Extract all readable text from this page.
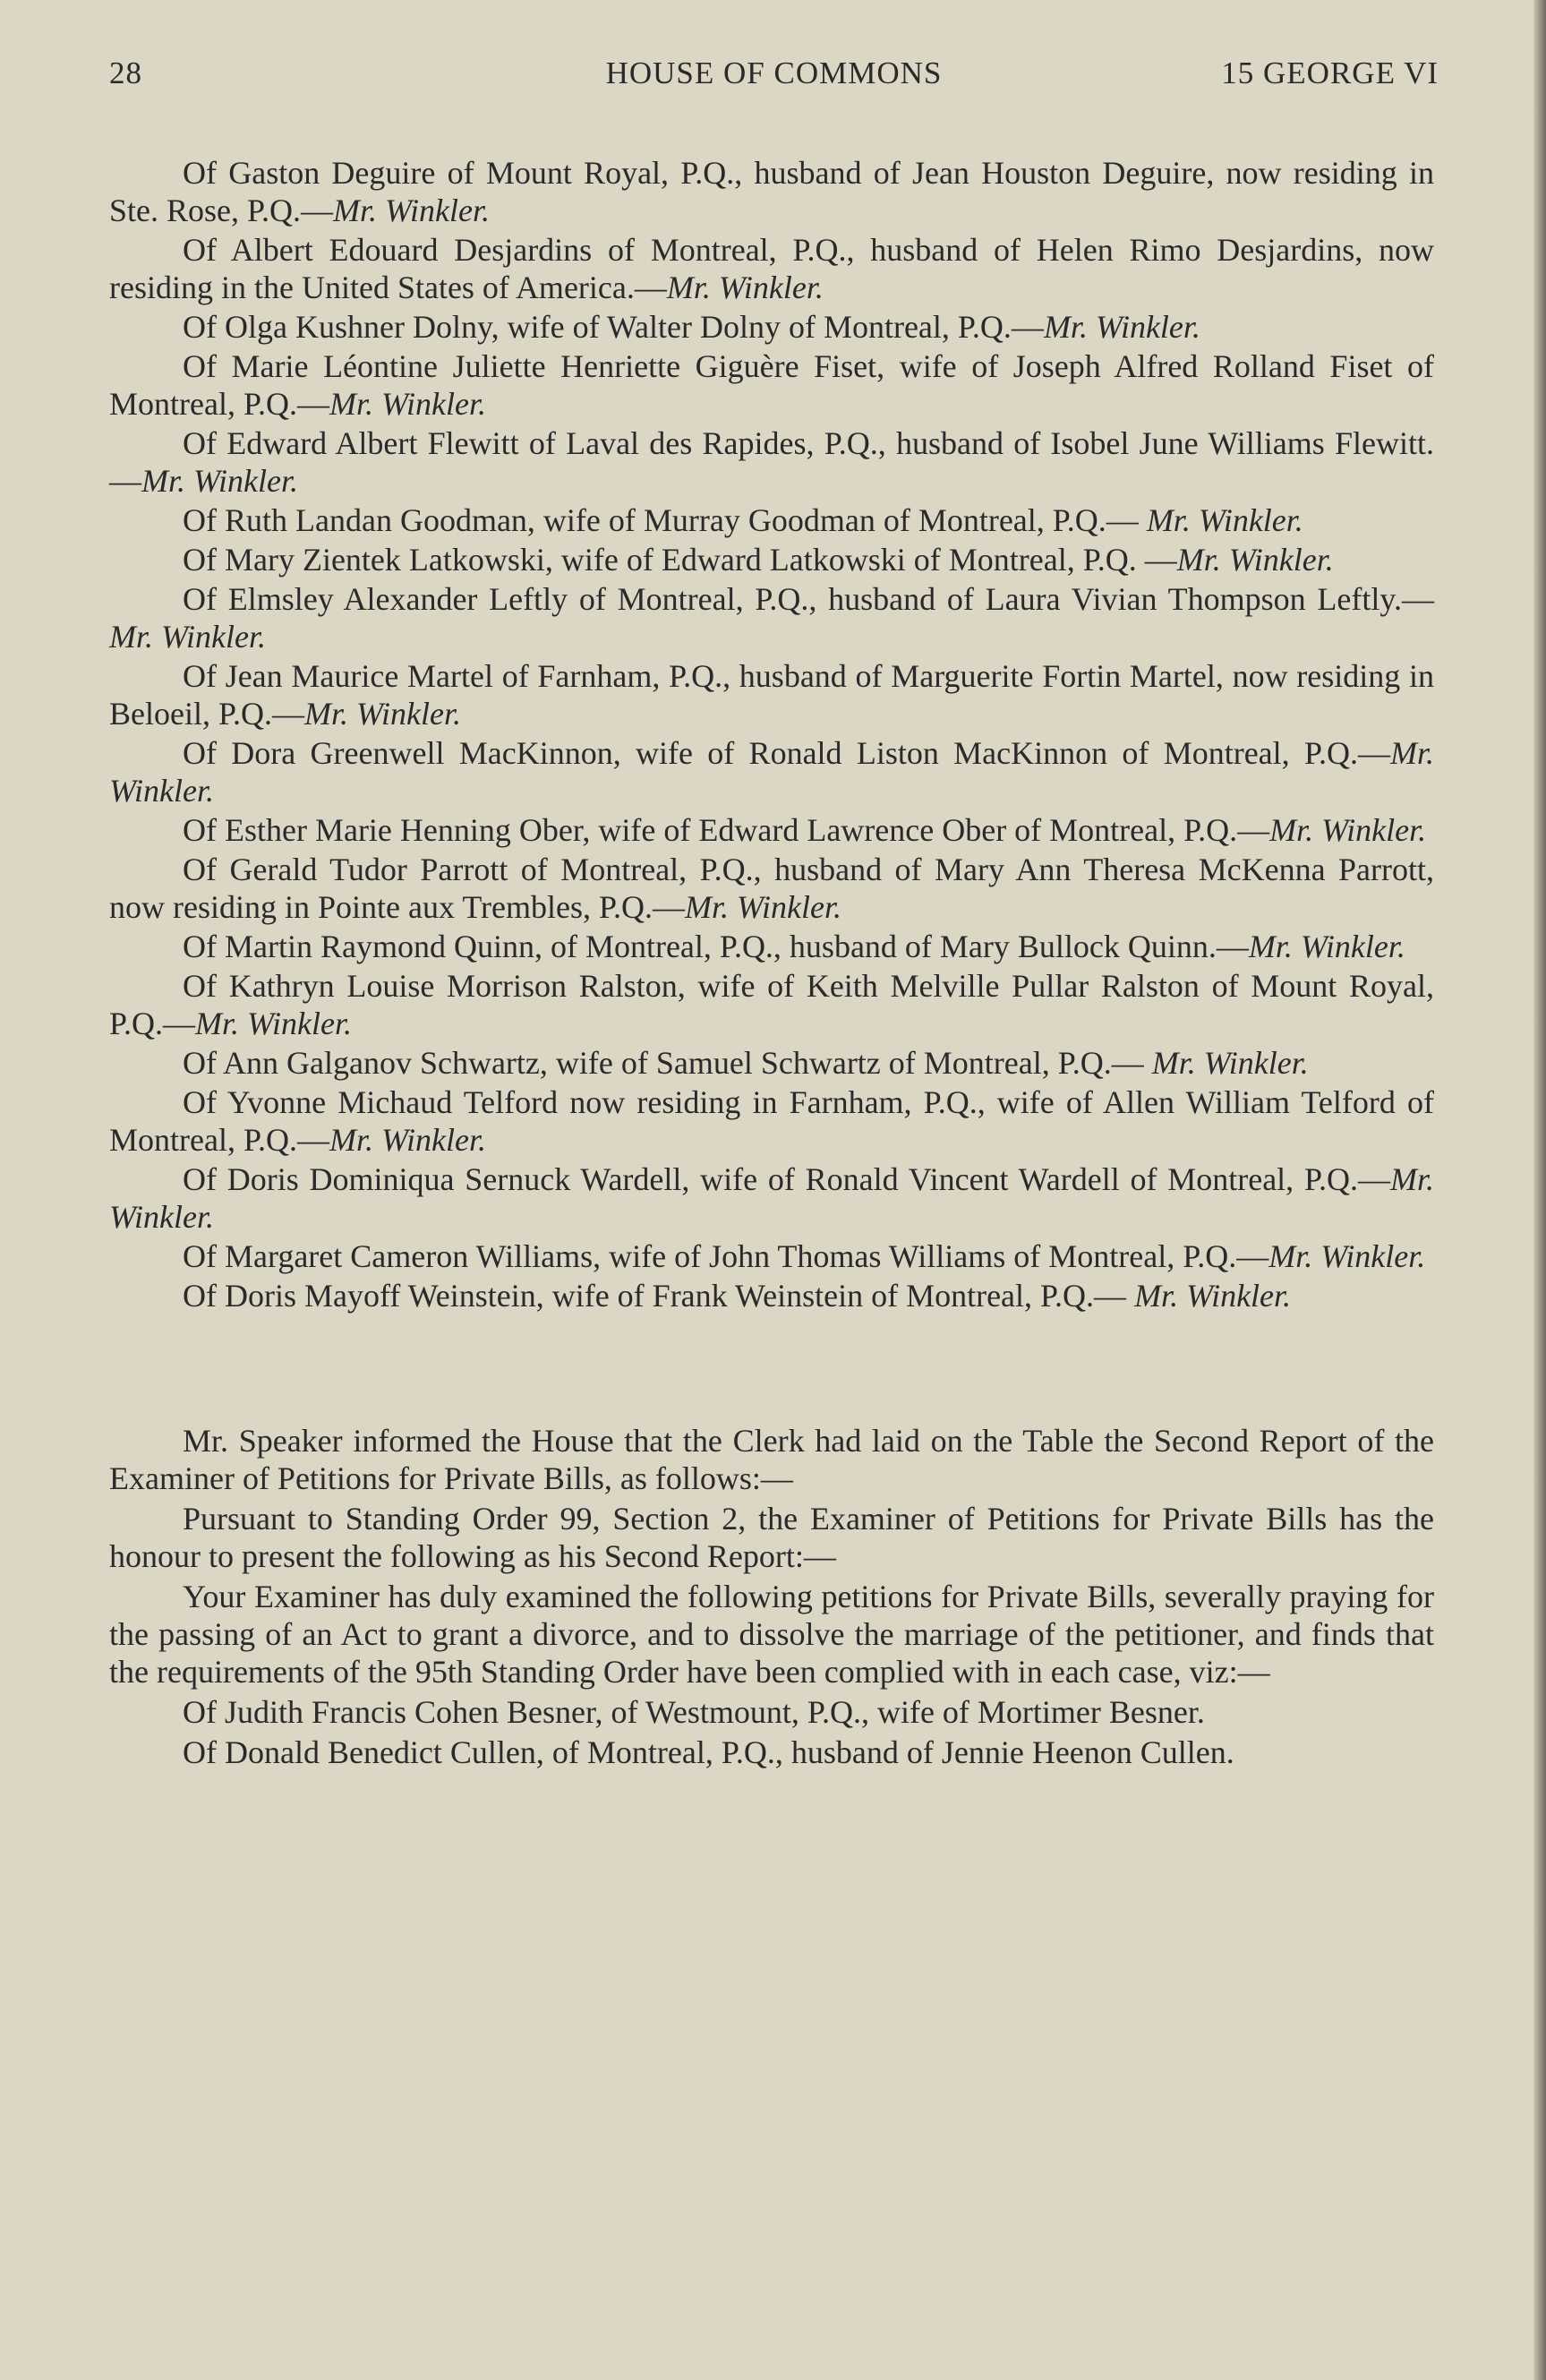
28	HOUSE OF COMMONS	15 GEORGE VI

Of Gaston Deguire of Mount Royal, P.Q., husband of Jean Houston Deguire, now residing in Ste. Rose, P.Q.—Mr. Winkler.

Of Albert Edouard Desjardins of Montreal, P.Q., husband of Helen Rimo Desjardins, now residing in the United States of America.—Mr. Winkler.

Of Olga Kushner Dolny, wife of Walter Dolny of Montreal, P.Q.—Mr. Winkler.

Of Marie Léontine Juliette Henriette Giguère Fiset, wife of Joseph Alfred Rolland Fiset of Montreal, P.Q.—Mr. Winkler.

Of Edward Albert Flewitt of Laval des Rapides, P.Q., husband of Isobel June Williams Flewitt.—Mr. Winkler.

Of Ruth Landan Goodman, wife of Murray Goodman of Montreal, P.Q.— Mr. Winkler.

Of Mary Zientek Latkowski, wife of Edward Latkowski of Montreal, P.Q. —Mr. Winkler.

Of Elmsley Alexander Leftly of Montreal, P.Q., husband of Laura Vivian Thompson Leftly.—Mr. Winkler.

Of Jean Maurice Martel of Farnham, P.Q., husband of Marguerite Fortin Martel, now residing in Beloeil, P.Q.—Mr. Winkler.

Of Dora Greenwell MacKinnon, wife of Ronald Liston MacKinnon of Montreal, P.Q.—Mr. Winkler.

Of Esther Marie Henning Ober, wife of Edward Lawrence Ober of Montreal, P.Q.—Mr. Winkler.

Of Gerald Tudor Parrott of Montreal, P.Q., husband of Mary Ann Theresa McKenna Parrott, now residing in Pointe aux Trembles, P.Q.—Mr. Winkler.

Of Martin Raymond Quinn, of Montreal, P.Q., husband of Mary Bullock Quinn.—Mr. Winkler.

Of Kathryn Louise Morrison Ralston, wife of Keith Melville Pullar Ralston of Mount Royal, P.Q.—Mr. Winkler.

Of Ann Galganov Schwartz, wife of Samuel Schwartz of Montreal, P.Q.— Mr. Winkler.

Of Yvonne Michaud Telford now residing in Farnham, P.Q., wife of Allen William Telford of Montreal, P.Q.—Mr. Winkler.

Of Doris Dominiqua Sernuck Wardell, wife of Ronald Vincent Wardell of Montreal, P.Q.—Mr. Winkler.

Of Margaret Cameron Williams, wife of John Thomas Williams of Montreal, P.Q.—Mr. Winkler.

Of Doris Mayoff Weinstein, wife of Frank Weinstein of Montreal, P.Q.— Mr. Winkler.

Mr. Speaker informed the House that the Clerk had laid on the Table the Second Report of the Examiner of Petitions for Private Bills, as follows:—

Pursuant to Standing Order 99, Section 2, the Examiner of Petitions for Private Bills has the honour to present the following as his Second Report:—

Your Examiner has duly examined the following petitions for Private Bills, severally praying for the passing of an Act to grant a divorce, and to dissolve the marriage of the petitioner, and finds that the requirements of the 95th Standing Order have been complied with in each case, viz:—

Of Judith Francis Cohen Besner, of Westmount, P.Q., wife of Mortimer Besner.

Of Donald Benedict Cullen, of Montreal, P.Q., husband of Jennie Heenon Cullen.
